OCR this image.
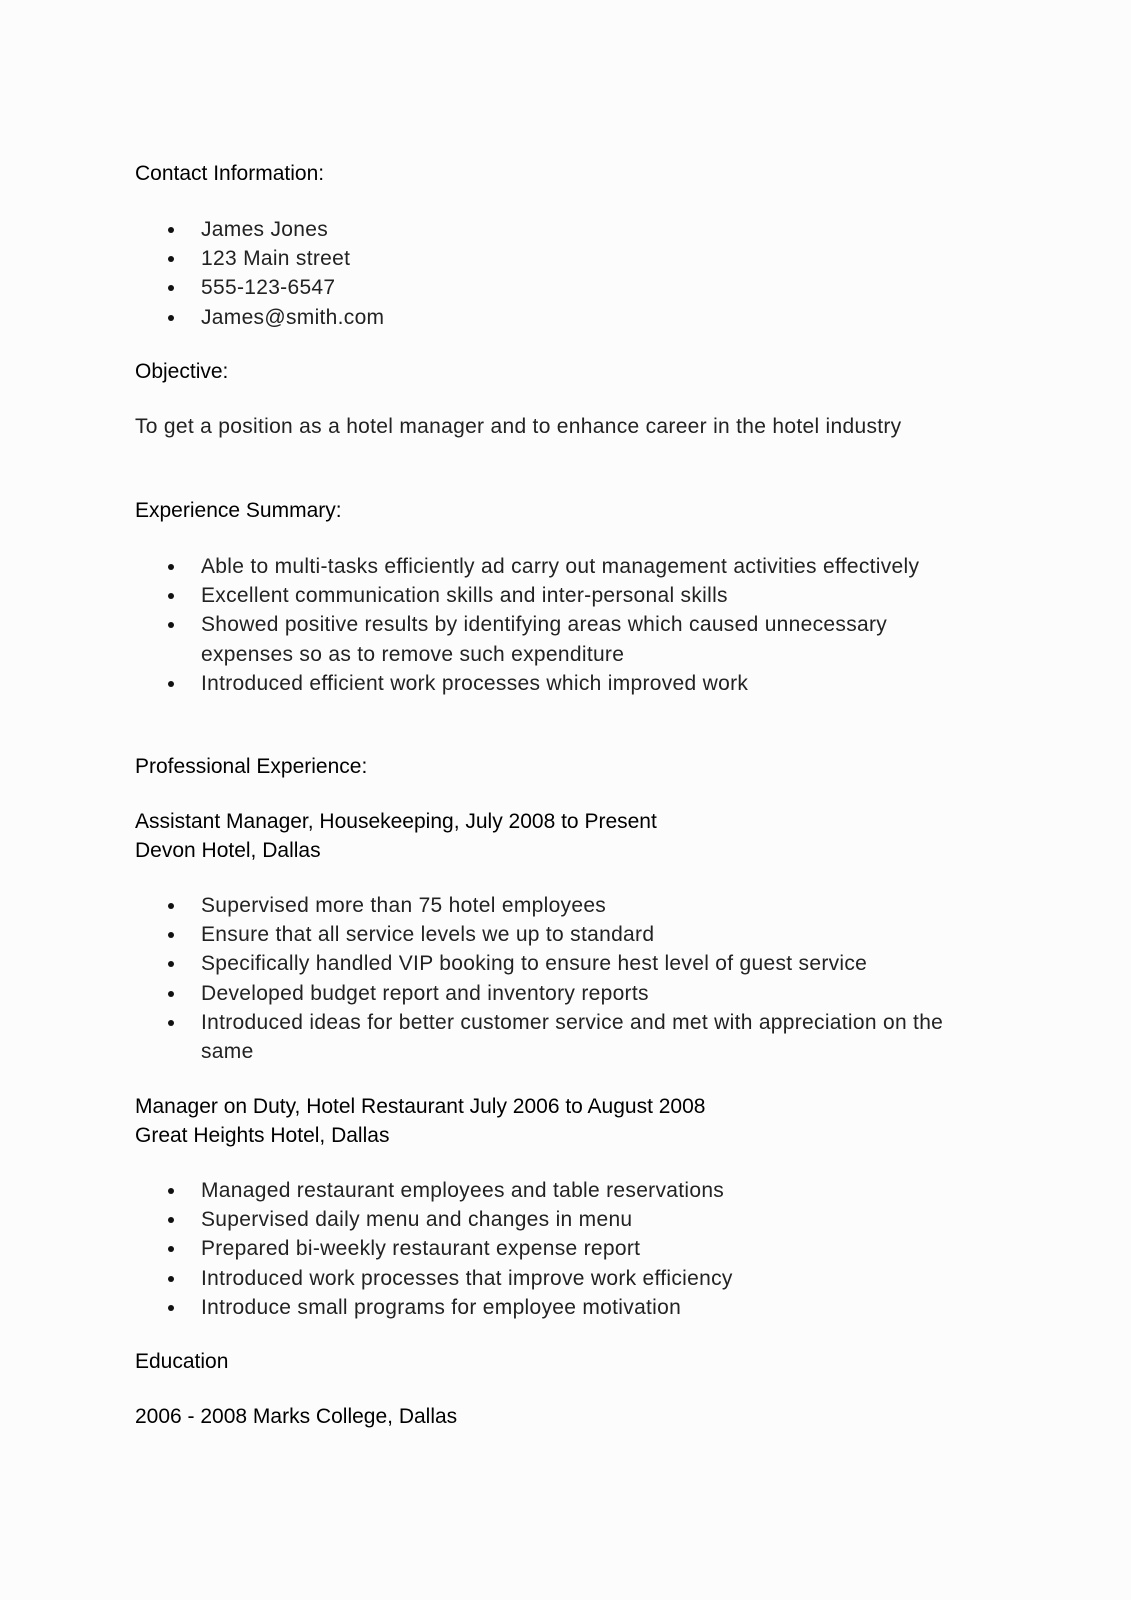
Contact Information:
James Jones
123 Main street
555-123-6547
James@smith.com
Objective:
To get a position as a hotel manager and to enhance career in the hotel industry
Experience Summary:
Able to multi-tasks efficiently ad carry out management activities effectively
Excellent communication skills and inter-personal skills
Showed positive results by identifying areas which caused unnecessary expenses so as to remove such expenditure
Introduced efficient work processes which improved work
Professional Experience:
Assistant Manager, Housekeeping, July 2008 to Present
Devon Hotel, Dallas
Supervised more than 75 hotel employees
Ensure that all service levels we up to standard
Specifically handled VIP booking to ensure hest level of guest service
Developed budget report and inventory reports
Introduced ideas for better customer service and met with appreciation on the same
Manager on Duty, Hotel Restaurant July 2006 to August 2008
Great Heights Hotel, Dallas
Managed restaurant employees and table reservations
Supervised daily menu and changes in menu
Prepared bi-weekly restaurant expense report
Introduced work processes that improve work efficiency
Introduce small programs for employee motivation
Education
2006 - 2008 Marks College, Dallas
